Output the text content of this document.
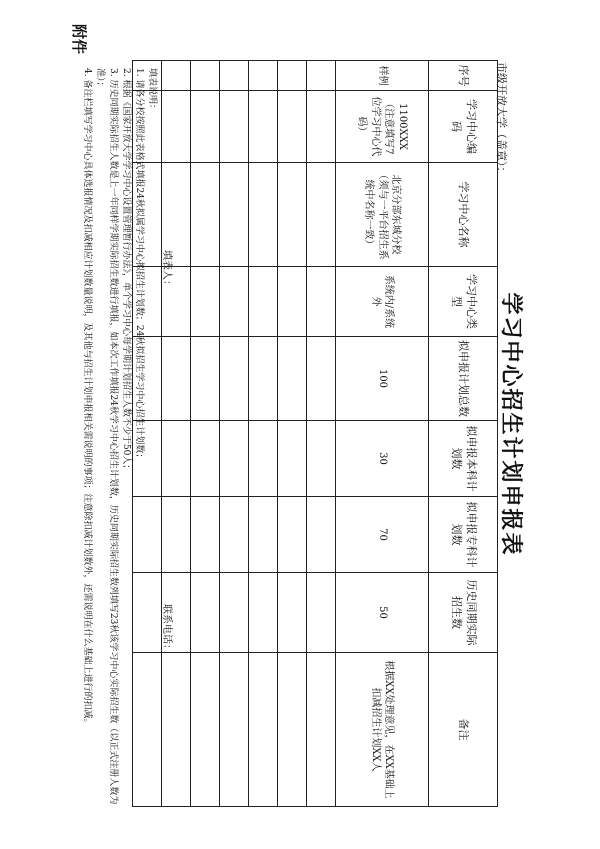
附件
学习中心招生计划申报表
市级开放大学（盖章）：
序号	学习中心编码	学习中心名称	学习中心类型	拟申报计划总数	拟申报本科计划数	拟申报专科计划数	历史同期实际招生数	备注
样例	1100XXX（注意填写7位学习中心代码）	北京分部东城分校（须与一平台招生系统中名称一致）	系统内/系统外	100	30	70	50	根据XX处理意见，在XX基础上扣减招生计划XX人

填表人：
联系电话：
填表说明：
1. 请各分校按照此表格式填报24秋拟属学习中心拟招生计划数；24秋拟招生学习中心招生计划数；
2. 根据《国家开放大学学习中心设置管理暂行办法》，单个学习中心每学期计划招生人数不少于50人；
3. 历史同期实际招生人数是上一年同样学期实际招生数进行填报，如本次工作填报24秋学习中心招生计划数，历史同期实际招生数列填写23秋该学习中心实际招生数（以正式注册人数为准）；
4. 备注栏填写学习中心具体选报情况及扣减相应计划数量说明，及其他与招生计划申报相关需说明的事项；注意除扣减计划数外，还需说明在什么基础上进行的扣减。
